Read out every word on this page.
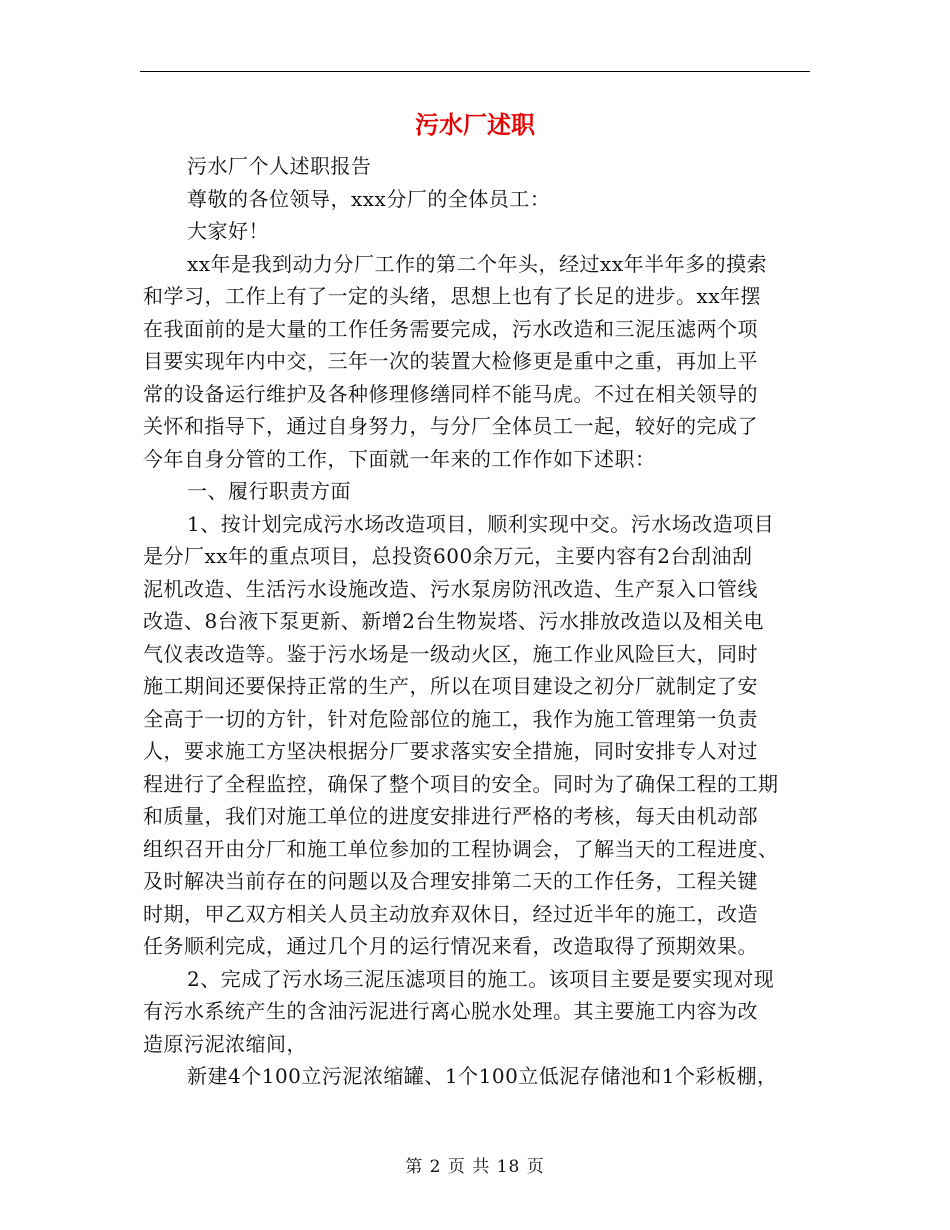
污水厂述职

污水厂个人述职报告

尊敬的各位领导，xxx分厂的全体员工：

大家好！

xx年是我到动力分厂工作的第二个年头，经过xx年半年多的摸索

和学习，工作上有了一定的头绪，思想上也有了长足的进步。xx年摆

在我面前的是大量的工作任务需要完成，污水改造和三泥压滤两个项

目要实现年内中交，三年一次的装置大检修更是重中之重，再加上平

常的设备运行维护及各种修理修缮同样不能马虎。不过在相关领导的

关怀和指导下，通过自身努力，与分厂全体员工一起，较好的完成了

今年自身分管的工作，下面就一年来的工作作如下述职：

一、履行职责方面

1、按计划完成污水场改造项目，顺利实现中交。污水场改造项目

是分厂xx年的重点项目，总投资600余万元，主要内容有2台刮油刮

泥机改造、生活污水设施改造、污水泵房防汛改造、生产泵入口管线

改造、8台液下泵更新、新增2台生物炭塔、污水排放改造以及相关电

气仪表改造等。鉴于污水场是一级动火区，施工作业风险巨大，同时

施工期间还要保持正常的生产，所以在项目建设之初分厂就制定了安

全高于一切的方针，针对危险部位的施工，我作为施工管理第一负责

人，要求施工方坚决根据分厂要求落实安全措施，同时安排专人对过

程进行了全程监控，确保了整个项目的安全。同时为了确保工程的工期

和质量，我们对施工单位的进度安排进行严格的考核，每天由机动部

组织召开由分厂和施工单位参加的工程协调会，了解当天的工程进度、

及时解决当前存在的问题以及合理安排第二天的工作任务，工程关键

时期，甲乙双方相关人员主动放弃双休日，经过近半年的施工，改造

任务顺利完成，通过几个月的运行情况来看，改造取得了预期效果。

2、完成了污水场三泥压滤项目的施工。该项目主要是要实现对现

有污水系统产生的含油污泥进行离心脱水处理。其主要施工内容为改

造原污泥浓缩间，

新建4个100立污泥浓缩罐、1个100立低泥存储池和1个彩板棚，

第 2 页 共 18 页
